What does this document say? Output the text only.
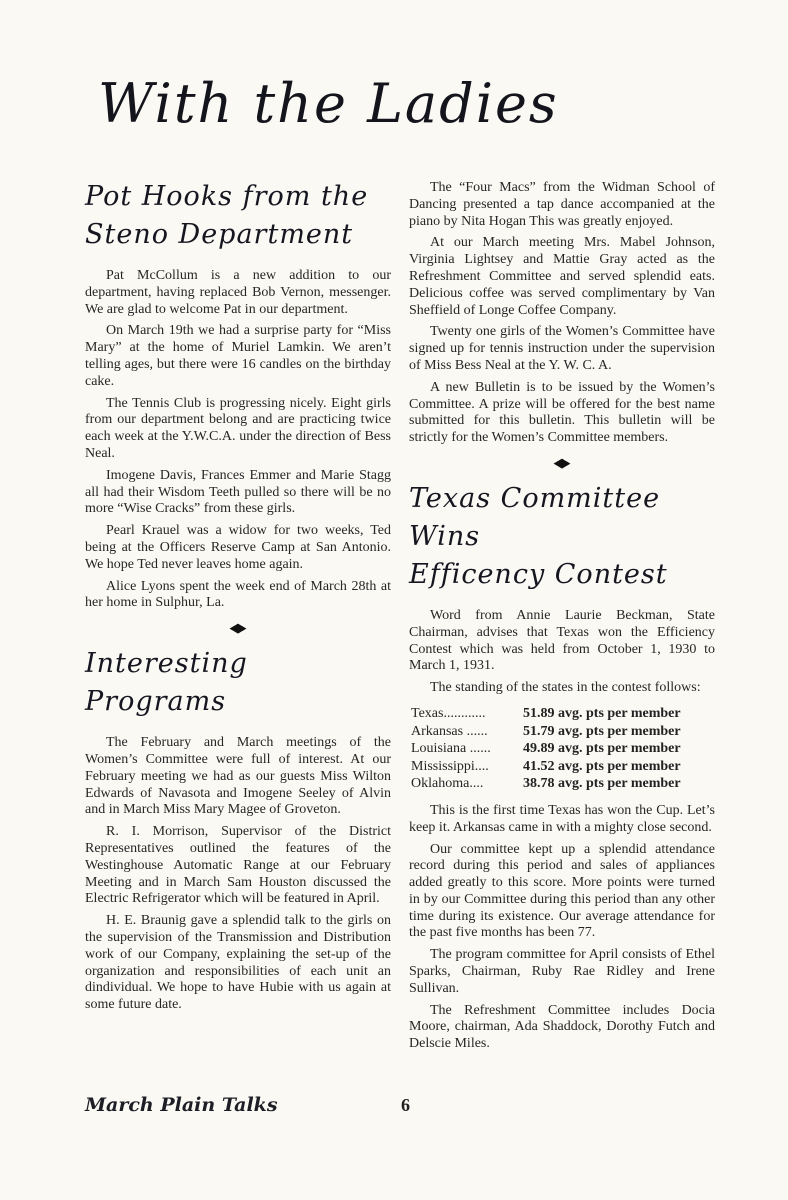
With the Ladies
Pot Hooks from the
Steno Department

Pat McCollum is a new addition to our department, having replaced Bob Vernon, messenger. We are glad to welcome Pat in our department.

On March 19th we had a surprise party for “Miss Mary” at the home of Muriel Lamkin. We aren’t telling ages, but there were 16 candles on the birthday cake.

The Tennis Club is progressing nicely. Eight girls from our department belong and are practicing twice each week at the Y.W.C.A. under the direction of Bess Neal.

Imogene Davis, Frances Emmer and Marie Stagg all had their Wisdom Teeth pulled so there will be no more “Wise Cracks” from these girls.

Pearl Krauel was a widow for two weeks, Ted being at the Officers Reserve Camp at San Antonio. We hope Ted never leaves home again.

Alice Lyons spent the week end of March 28th at her home in Sulphur, La.

◆
Interesting Programs

The February and March meetings of the Women’s Committee were full of interest. At our February meeting we had as our guests Miss Wilton Edwards of Navasota and Imogene Seeley of Alvin and in March Miss Mary Magee of Groveton.

R. I. Morrison, Supervisor of the District Representatives outlined the features of the Westinghouse Automatic Range at our February Meeting and in March Sam Houston discussed the Electric Refrigerator which will be featured in April.

H. E. Braunig gave a splendid talk to the girls on the supervision of the Transmission and Distribution work of our Company, explaining the set-up of the organization and responsibilities of each unit an dindividual. We hope to have Hubie with us again at some future date.

The “Four Macs” from the Widman School of Dancing presented a tap dance accompanied at the piano by Nita Hogan This was greatly enjoyed.

At our March meeting Mrs. Mabel Johnson, Virginia Lightsey and Mattie Gray acted as the Refreshment Committee and served splendid eats. Delicious coffee was served complimentary by Van Sheffield of Longe Coffee Company.

Twenty one girls of the Women’s Committee have signed up for tennis instruction under the supervision of Miss Bess Neal at the Y. W. C. A.

A new Bulletin is to be issued by the Women’s Committee. A prize will be offered for the best name submitted for this bulletin. This bulletin will be strictly for the Women’s Committee members.

◆
Texas Committee Wins
Efficency Contest

Word from Annie Laurie Beckman, State Chairman, advises that Texas won the Efficiency Contest which was held from October 1, 1930 to March 1, 1931.

The standing of the states in the contest follows:

Texas............	51.89 avg. pts per member
Arkansas ......	51.79 avg. pts per member
Louisiana ......	49.89 avg. pts per member
Mississippi....	41.52 avg. pts per member
Oklahoma....	38.78 avg. pts per member

This is the first time Texas has won the Cup. Let’s keep it. Arkansas came in with a mighty close second.

Our committee kept up a splendid attendance record during this period and sales of appliances added greatly to this score. More points were turned in by our Committee during this period than any other time during its existence. Our average attendance for the past five months has been 77.

The program committee for April consists of Ethel Sparks, Chairman, Ruby Rae Ridley and Irene Sullivan.

The Refreshment Committee includes Docia Moore, chairman, Ada Shaddock, Dorothy Futch and Delscie Miles.

March Plain Talks	6
